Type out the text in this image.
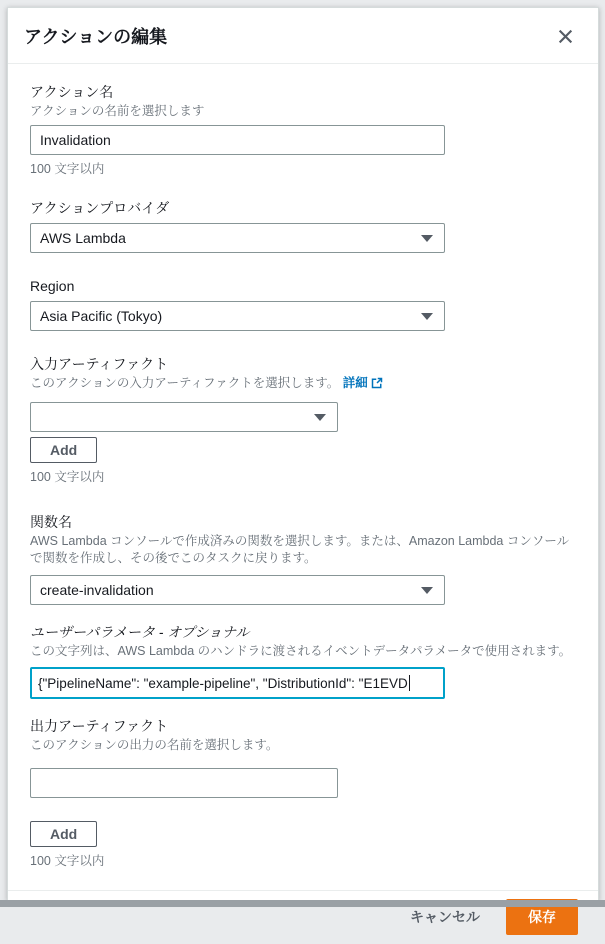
アクションの編集
アクション名
アクションの名前を選択します
Invalidation
100 文字以内
アクションプロバイダ
AWS Lambda
Region
Asia Pacific (Tokyo)
入力アーティファクト
このアクションの入力アーティファクトを選択します。 詳細
Add
100 文字以内
関数名
AWS Lambda コンソールで作成済みの関数を選択します。または、Amazon Lambda コンソールで関数を作成し、その後でこのタスクに戻ります。
create-invalidation
ユーザーパラメータ - オプショナル
この文字列は、AWS Lambda のハンドラに渡されるイベントデータパラメータで使用されます。
{"PipelineName": "example-pipeline", "DistributionId": "E1EVD
出力アーティファクト
このアクションの出力の名前を選択します。

Add
100 文字以内
キャンセル	保存
